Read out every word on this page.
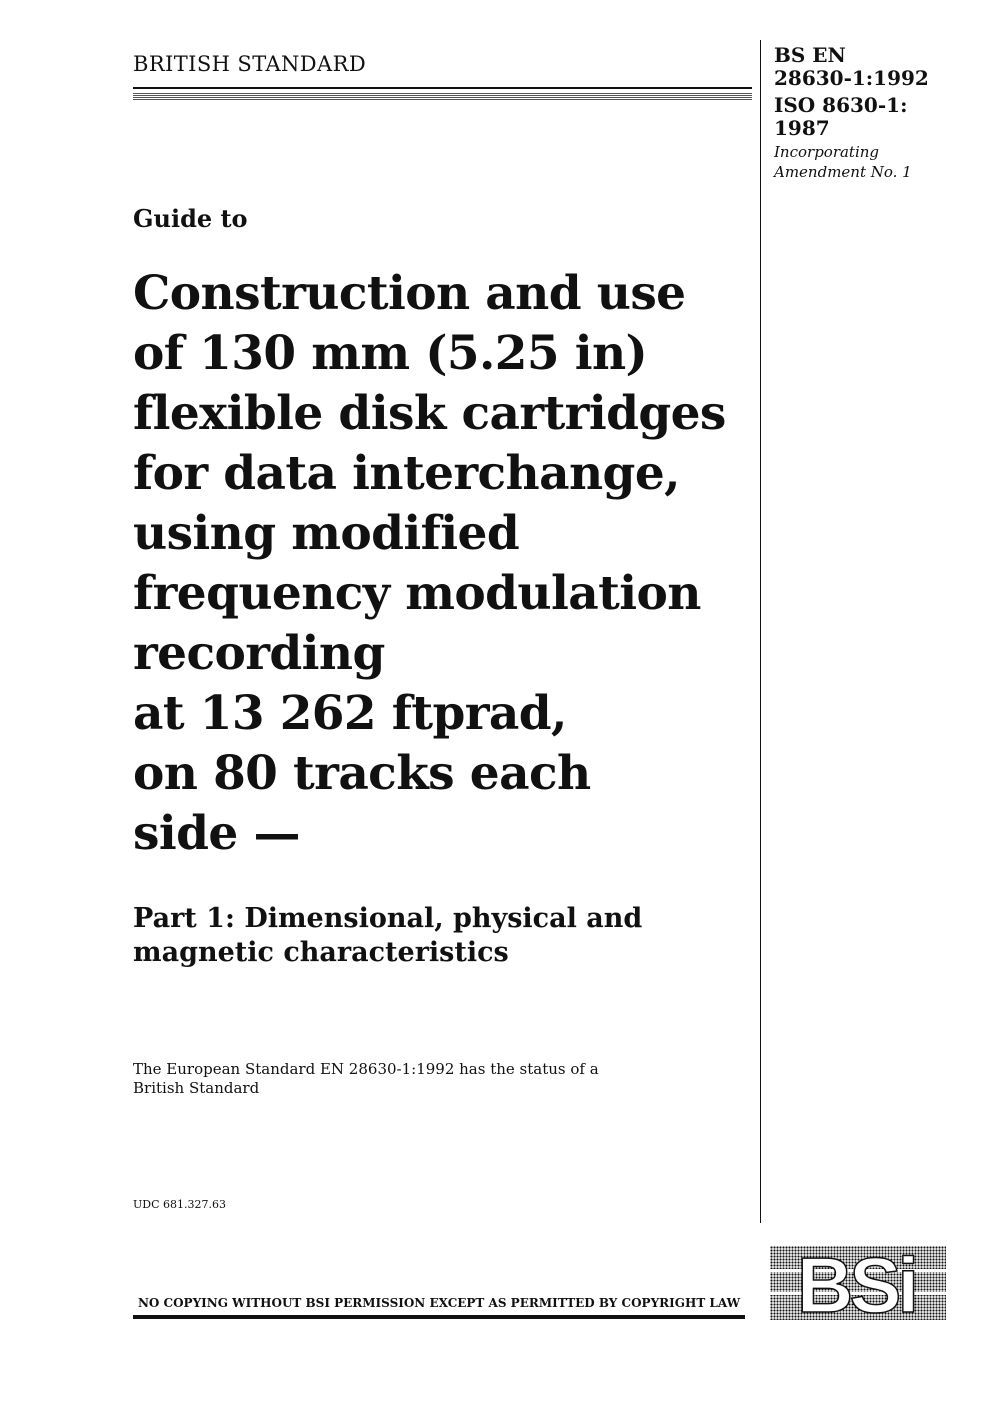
BRITISH STANDARD	BS EN
28630-1:1992
ISO 8630-1:
1987
Incorporating
Amendment No. 1
Guide to
Construction and use
of 130 mm (5.25 in)
flexible disk cartridges
for data interchange,
using modified
frequency modulation
recording
at 13 262 ftprad,
on 80 tracks each
side —
Part 1: Dimensional, physical and
magnetic characteristics
The European Standard EN 28630-1:1992 has the status of a
British Standard
UDC 681.327.63
NO COPYING WITHOUT BSI PERMISSION EXCEPT AS PERMITTED BY COPYRIGHT LAW BSi
